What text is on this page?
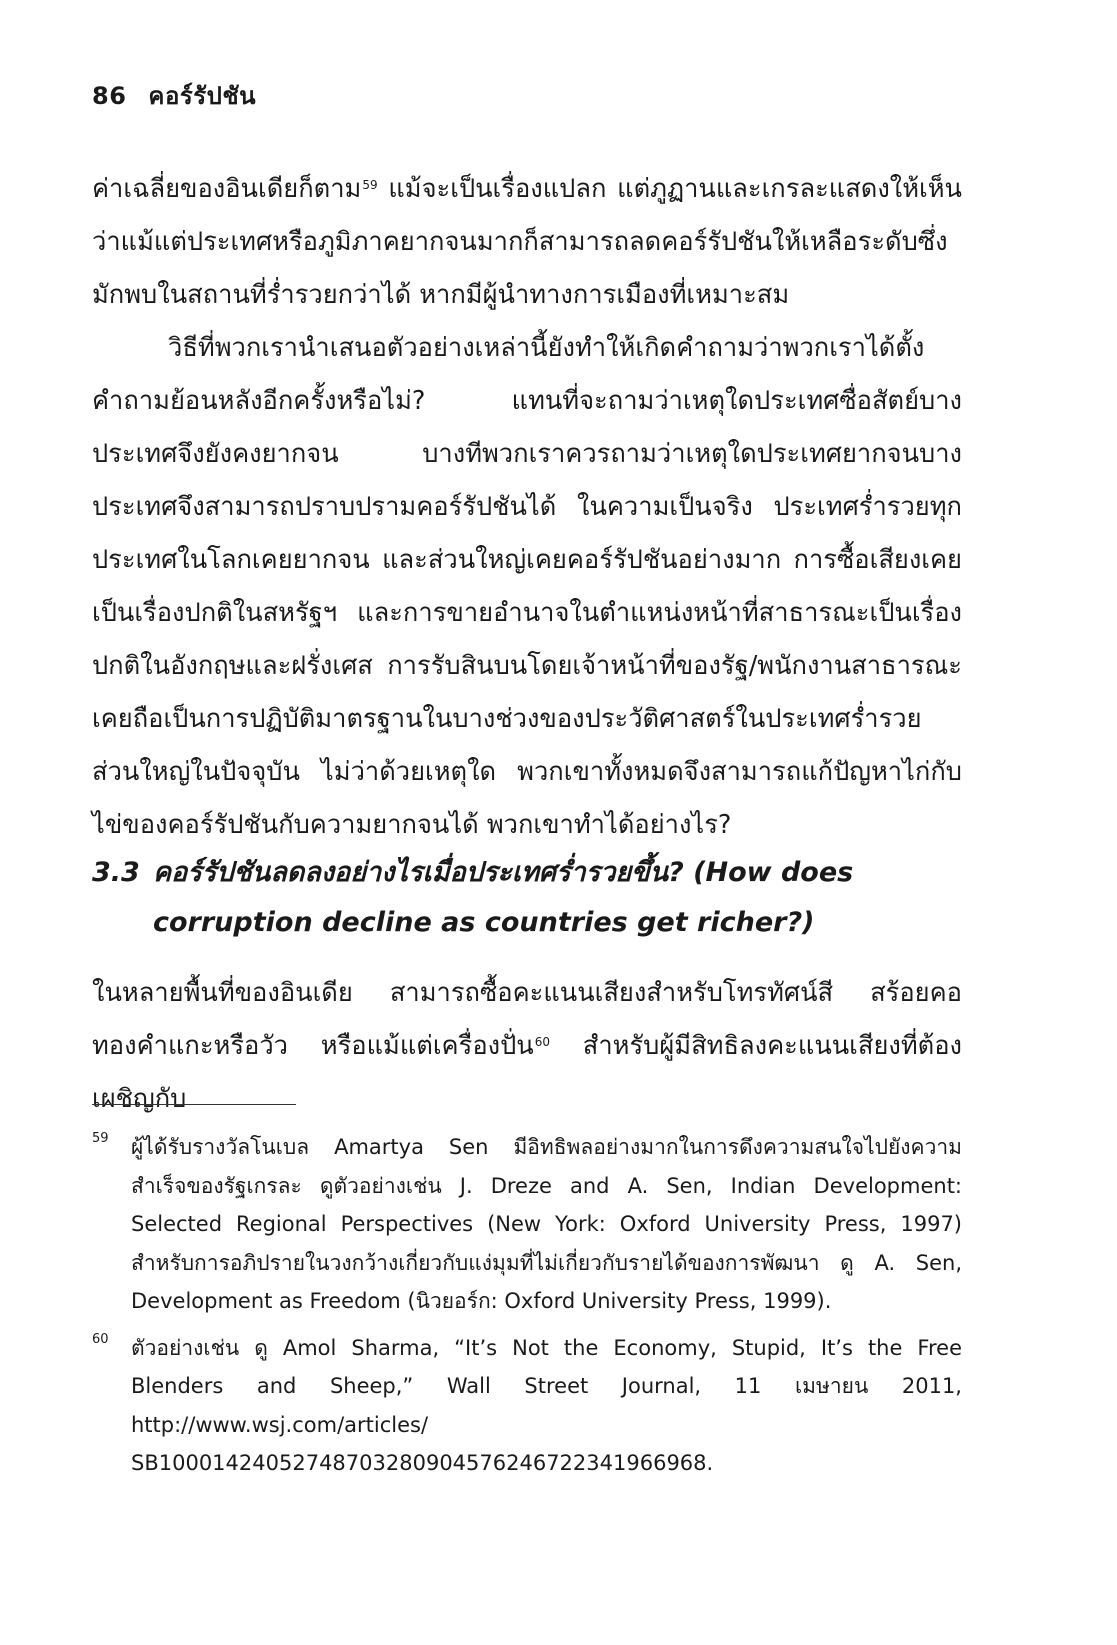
86 คอร์รัปชัน

ค่าเฉลี่ยของอินเดียก็ตาม$^{59}$ แม้จะเป็นเรื่องแปลก แต่ภูฏานและเกรละแสดงให้เห็นว่าแม้แต่ประเทศหรือภูมิภาคยากจนมากก็สามารถลดคอร์รัปชันให้เหลือระดับซึ่งมักพบในสถานที่ร่ำรวยกว่าได้ หากมีผู้นำทางการเมืองที่เหมาะสม

วิธีที่พวกเรานำเสนอตัวอย่างเหล่านี้ยังทำให้เกิดคำถามว่าพวกเราได้ตั้งคำถามย้อนหลังอีกครั้งหรือไม่? แทนที่จะถามว่าเหตุใดประเทศซื่อสัตย์บางประเทศจึงยังคงยากจน บางทีพวกเราควรถามว่าเหตุใดประเทศยากจนบางประเทศจึงสามารถปราบปรามคอร์รัปชันได้ ในความเป็นจริง ประเทศร่ำรวยทุกประเทศในโลกเคยยากจน และส่วนใหญ่เคยคอร์รัปชันอย่างมาก การซื้อเสียงเคยเป็นเรื่องปกติในสหรัฐฯ และการขายอำนาจในตำแหน่งหน้าที่สาธารณะเป็นเรื่องปกติในอังกฤษและฝรั่งเศส การรับสินบนโดยเจ้าหน้าที่ของรัฐ/พนักงานสาธารณะเคยถือเป็นการปฏิบัติมาตรฐานในบางช่วงของประวัติศาสตร์ในประเทศร่ำรวยส่วนใหญ่ในปัจจุบัน ไม่ว่าด้วยเหตุใด พวกเขาทั้งหมดจึงสามารถแก้ปัญหาไก่กับไข่ของคอร์รัปชันกับความยากจนได้ พวกเขาทำได้อย่างไร?

3.3 คอร์รัปชันลดลงอย่างไรเมื่อประเทศร่ำรวยขึ้น? (How does corruption decline as countries get richer?)

ในหลายพื้นที่ของอินเดีย สามารถซื้อคะแนนเสียงสำหรับโทรทัศน์สี สร้อยคอทองคำแกะหรือวัว หรือแม้แต่เครื่องปั่น$^{60}$ สำหรับผู้มีสิทธิลงคะแนนเสียงที่ต้องเผชิญกับ

59 ผู้ได้รับรางวัลโนเบล Amartya Sen มีอิทธิพลอย่างมากในการดึงความสนใจไปยังความสำเร็จของรัฐเกรละ ดูตัวอย่างเช่น J. Dreze and A. Sen, Indian Development: Selected Regional Perspectives (New York: Oxford University Press, 1997) สำหรับการอภิปรายในวงกว้างเกี่ยวกับแง่มุมที่ไม่เกี่ยวกับรายได้ของการพัฒนา ดู A. Sen, Development as Freedom (นิวยอร์ก: Oxford University Press, 1999).
60 ตัวอย่างเช่น ดู Amol Sharma, “It’s Not the Economy, Stupid, It’s the Free Blenders and Sheep,” Wall Street Journal, 11 เมษายน 2011, http://www.wsj.com/articles/ SB10001424052748703280904576246722341966968.
